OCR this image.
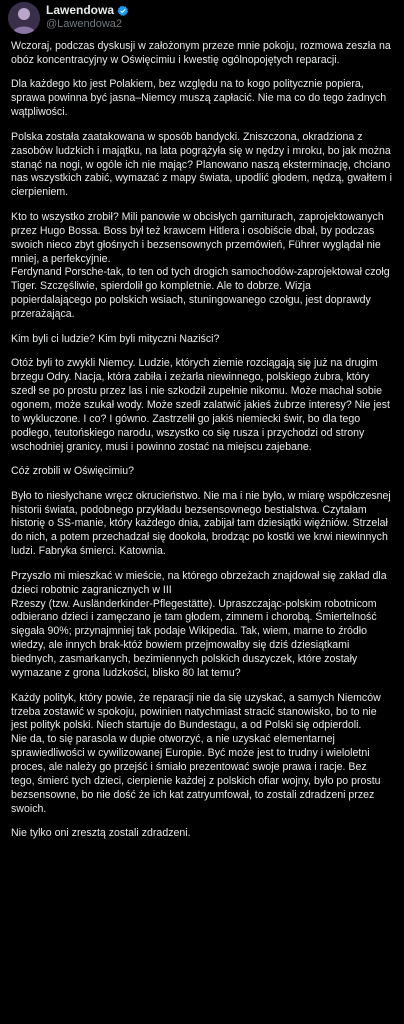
Lawendowa
@Lawendowa2

Wczoraj, podczas dyskusji w założonym przeze mnie pokoju, rozmowa zeszła na obóz koncentracyjny w Oświęcimiu i kwestię ogólnopojętych reparacji.

Dla każdego kto jest Polakiem, bez względu na to kogo politycznie popiera, sprawa powinna być jasna–Niemcy muszą zapłacić. Nie ma co do tego żadnych wątpliwości.

Polska została zaatakowana w sposób bandycki. Zniszczona, okradziona z zasobów ludzkich i majątku, na lata pogrążyła się w nędzy i mroku, bo jak można stanąć na nogi, w ogóle ich nie mając? Planowano naszą eksterminację, chciano nas wszystkich zabić, wymazać z mapy świata, upodlić głodem, nędzą, gwałtem i cierpieniem.

Kto to wszystko zrobił? Mili panowie w obcisłych garniturach, zaprojektowanych przez Hugo Bossa. Boss był też krawcem Hitlera i osobiście dbał, by podczas swoich nieco zbyt głośnych i bezsensownych przemówień, Führer wyglądał nie mniej, a perfekcyjnie.
Ferdynand Porsche-tak, to ten od tych drogich samochodów-zaprojektował czołg Tiger. Szczęśliwie, spierdolił go kompletnie. Ale to dobrze. Wizja popierdalającego po polskich wsiach, stuningowanego czołgu, jest doprawdy przerażająca.

Kim byli ci ludzie? Kim byli mityczni Naziści?

Otóż byli to zwykli Niemcy. Ludzie, których ziemie rozciągają się już na drugim brzegu Odry. Nacja, która zabiła i zeżarła niewinnego, polskiego żubra, który szedł se po prostu przez las i nie szkodził zupełnie nikomu. Może machał sobie ogonem, może szukał wody. Może szedł zalatwić jakieś żubrze interesy? Nie jest to wykluczone. I co? I gówno. Zastrzelił go jakiś niemiecki świr, bo dla tego podłego, teutońskiego narodu, wszystko co się rusza i przychodzi od strony wschodniej granicy, musi i powinno zostać na miejscu zajebane.

Cóż zrobili w Oświęcimiu?

Było to niesłychane wręcz okrucieństwo. Nie ma i nie było, w miarę współczesnej historii świata, podobnego przykładu bezsensownego bestialstwa. Czytałam historię o SS-manie, który każdego dnia, zabijał tam dziesiątki więźniów. Strzelał do nich, a potem przechadzał się dookoła, brodząc po kostki we krwi niewinnych ludzi. Fabryka śmierci. Katownia.

Przyszło mi mieszkać w mieście, na którego obrzeżach znajdował się zakład dla dzieci robotnic zagranicznych w III
Rzeszy (tzw. Ausländerkinder-Pflegestätte). Upraszczając-polskim robotnicom odbierano dzieci i zamęczano je tam głodem, zimnem i chorobą. Śmiertelność sięgała 90%; przynajmniej tak podaje Wikipedia. Tak, wiem, marne to źródło wiedzy, ale innych brak-któż bowiem przejmowałby się dziś dziesiątkami biednych, zasmarkanych, bezimiennych polskich duszyczek, które zostały wymazane z grona ludzkości, blisko 80 lat temu?

Każdy polityk, który powie, że reparacji nie da się uzyskać, a samych Niemców trzeba zostawić w spokoju, powinien natychmiast stracić stanowisko, bo to nie jest polityk polski. Niech startuje do Bundestagu, a od Polski się odpierdoli.
Nie da, to się parasola w dupie otworzyć, a nie uzyskać elementarnej sprawiedliwości w cywilizowanej Europie. Być może jest to trudny i wieloletni proces, ale należy go przejść i śmiało prezentować swoje prawa i racje. Bez tego, śmierć tych dzieci, cierpienie każdej z polskich ofiar wojny, było po prostu bezsensowne, bo nie dość że ich kat zatryumfował, to zostali zdradzeni przez swoich.

Nie tylko oni zresztą zostali zdradzeni.
